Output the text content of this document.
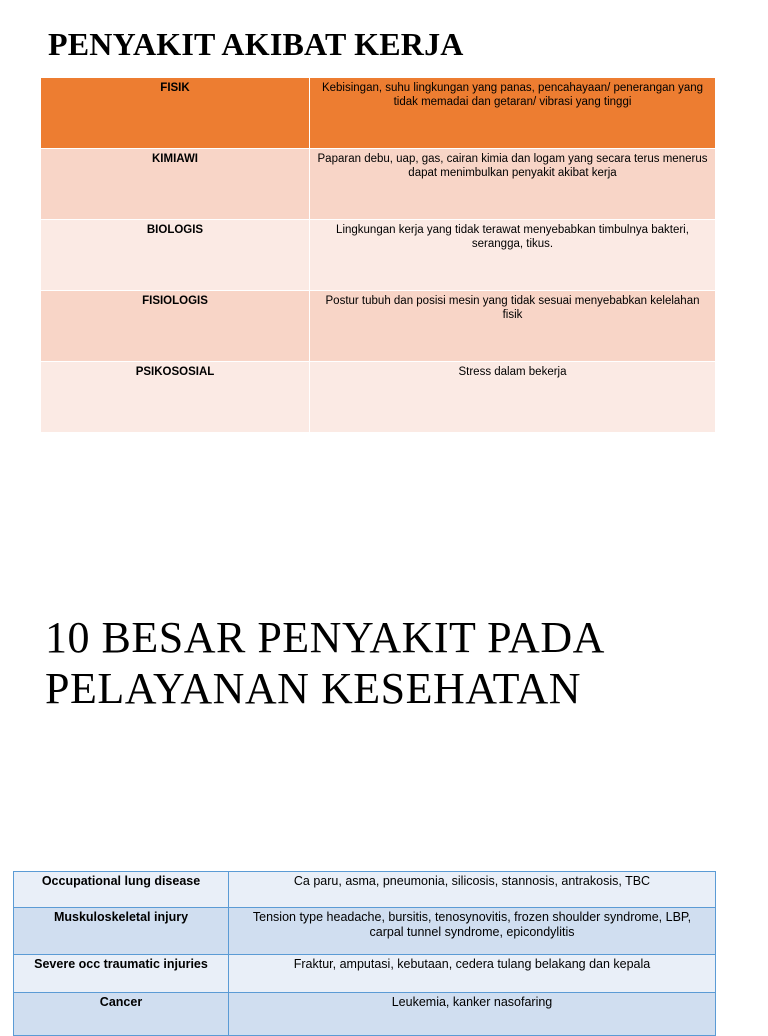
PENYAKIT AKIBAT KERJA
FISIK	Kebisingan, suhu lingkungan yang panas, pencahayaan/ penerangan yang tidak memadai dan getaran/ vibrasi yang tinggi
KIMIAWI	Paparan debu, uap, gas, cairan kimia dan logam yang secara terus menerus dapat menimbulkan penyakit akibat kerja
BIOLOGIS	Lingkungan kerja yang tidak terawat menyebabkan timbulnya bakteri, serangga, tikus.
FISIOLOGIS	Postur tubuh dan posisi mesin yang tidak sesuai menyebabkan kelelahan fisik
PSIKOSOSIAL	Stress dalam bekerja
10 BESAR PENYAKIT PADA PELAYANAN KESEHATAN
Occupational lung disease	Ca paru, asma, pneumonia, silicosis, stannosis, antrakosis, TBC
Muskuloskeletal injury	Tension type headache, bursitis, tenosynovitis, frozen shoulder syndrome, LBP, carpal tunnel syndrome, epicondylitis
Severe occ traumatic injuries	Fraktur, amputasi, kebutaan, cedera tulang belakang dan kepala
Cancer	Leukemia, kanker nasofaring
